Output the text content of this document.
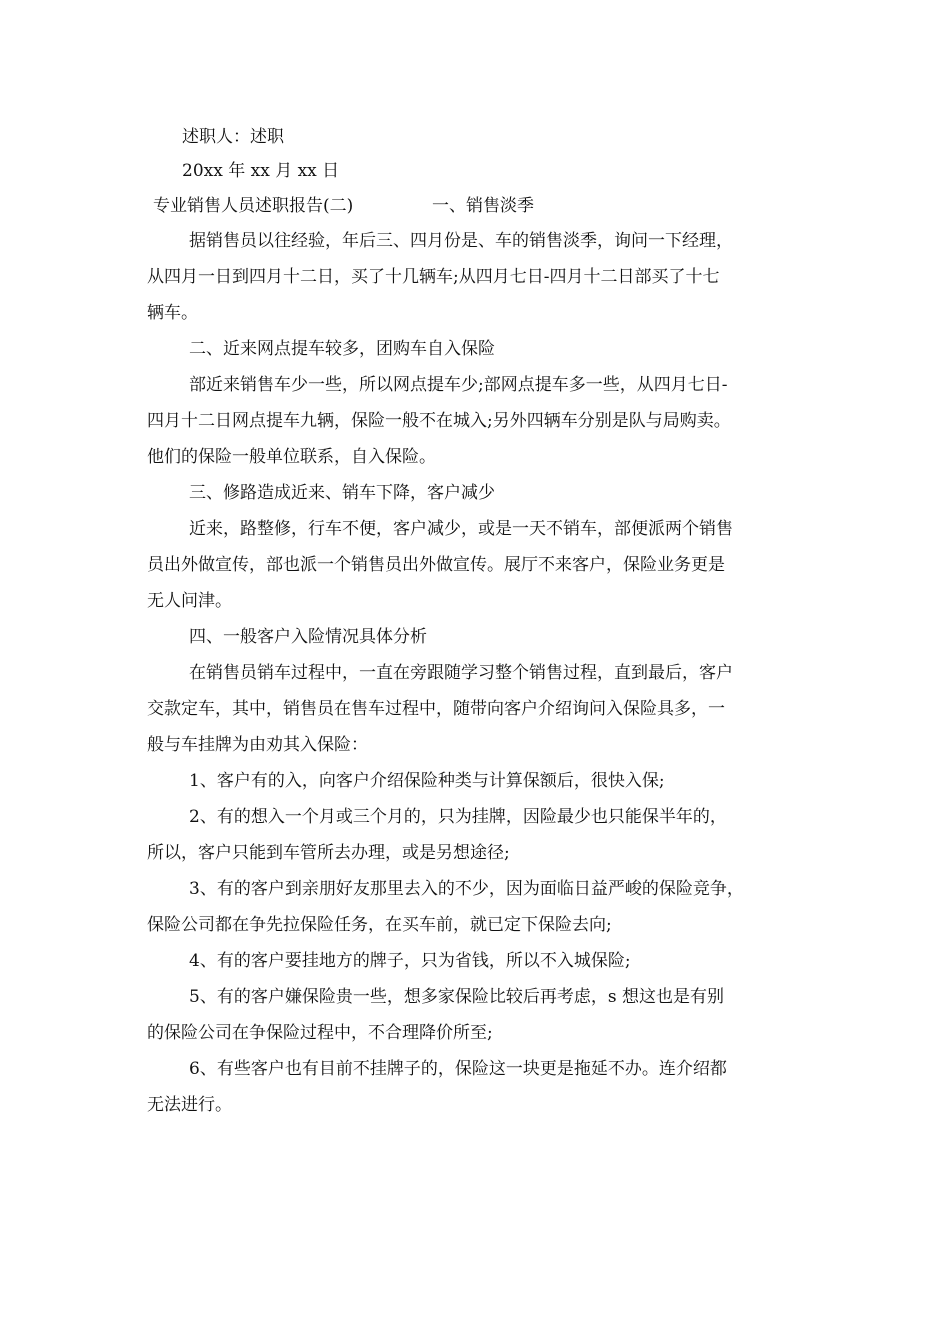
述职人：述职
20xx 年 xx 月 xx 日
专业销售人员述职报告(二)	一、销售淡季
据销售员以往经验，年后三、四月份是、车的销售淡季，询问一下经理，
从四月一日到四月十二日，买了十几辆车;从四月七日-四月十二日部买了十七
辆车。
二、近来网点提车较多，团购车自入保险
部近来销售车少一些，所以网点提车少;部网点提车多一些，从四月七日-
四月十二日网点提车九辆，保险一般不在城入;另外四辆车分别是队与局购卖。
他们的保险一般单位联系，自入保险。
三、修路造成近来、销车下降，客户减少
近来，路整修，行车不便，客户减少，或是一天不销车，部便派两个销售
员出外做宣传，部也派一个销售员出外做宣传。展厅不来客户，保险业务更是
无人问津。
四、一般客户入险情况具体分析
在销售员销车过程中，一直在旁跟随学习整个销售过程，直到最后，客户
交款定车，其中，销售员在售车过程中，随带向客户介绍询问入保险具多，一
般与车挂牌为由劝其入保险：
1、客户有的入，向客户介绍保险种类与计算保额后，很快入保;
2、有的想入一个月或三个月的，只为挂牌，因险最少也只能保半年的，
所以，客户只能到车管所去办理，或是另想途径;
3、有的客户到亲朋好友那里去入的不少，因为面临日益严峻的保险竞争，
保险公司都在争先拉保险任务，在买车前，就已定下保险去向;
4、有的客户要挂地方的牌子，只为省钱，所以不入城保险;
5、有的客户嫌保险贵一些，想多家保险比较后再考虑，s 想这也是有别
的保险公司在争保险过程中，不合理降价所至;
6、有些客户也有目前不挂牌子的，保险这一块更是拖延不办。连介绍都
无法进行。
